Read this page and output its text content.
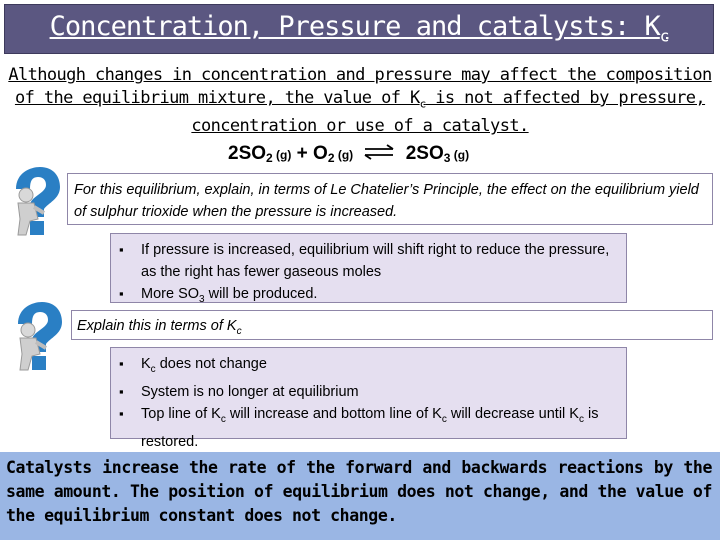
Concentration, Pressure and catalysts: $K_c$
Although changes in concentration and pressure may affect the composition of the equilibrium mixture, the value of $K_c$ is not affected by pressure, concentration or use of a catalyst.
$2SO_2$ $(g) + O_2$ (g) ⇌ $2SO_3$ (g)
For this equilibrium, explain, in terms of Le Chatelier’s Principle, the effect on the equilibrium yield of sulphur trioxide when the pressure is increased.
▪ If pressure is increased, equilibrium will shift right to reduce the pressure, as the right has fewer gaseous moles
▪ More $SO_3$ will be produced.
Explain this in terms of $K_c$
▪ $K_c$ does not change
▪ System is no longer at equilibrium
▪ Top line of $K_c$ will increase and bottom line of $K_c$ will decrease until $K_c$ is restored.
Catalysts increase the rate of the forward and backwards reactions by the same amount. The position of equilibrium does not change, and the value of the equilibrium constant does not change.
